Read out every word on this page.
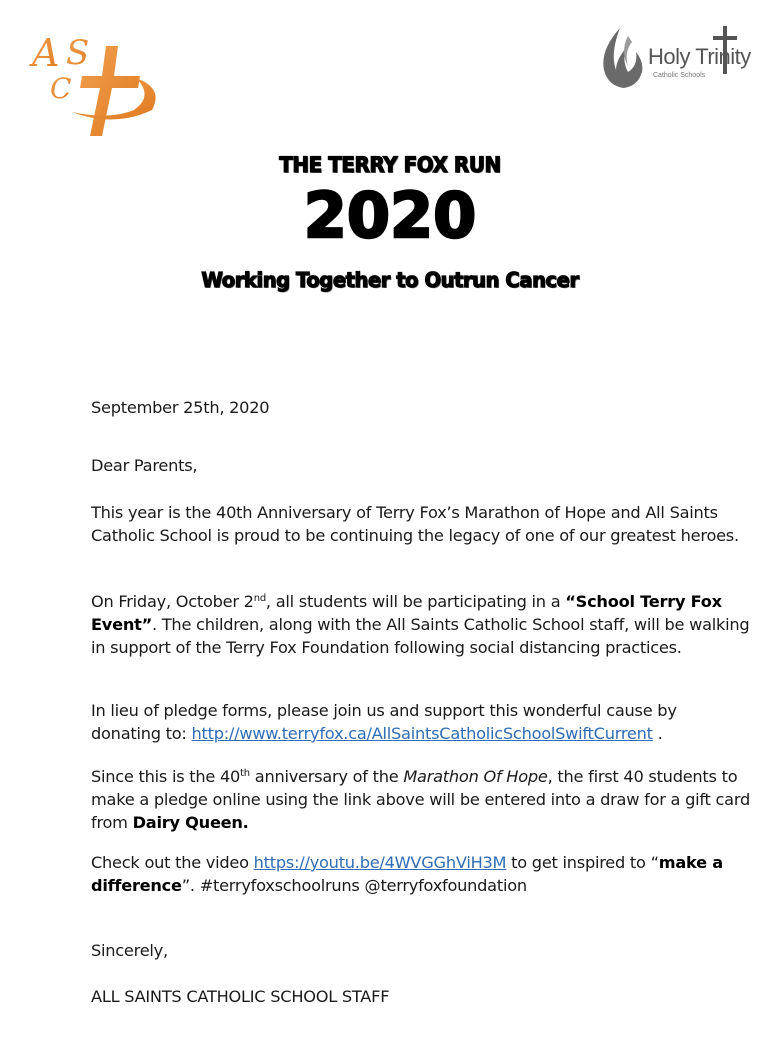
A S
C
Holy Trinity
Catholic Schools
THE TERRY FOX RUN
2020
Working Together to Outrun Cancer

September 25th, 2020

Dear Parents,

This year is the 40th Anniversary of Terry Fox’s Marathon of Hope and All Saints Catholic School is proud to be continuing the legacy of one of our greatest heroes.

On Friday, October 2nd, all students will be participating in a “School Terry Fox Event”. The children, along with the All Saints Catholic School staff, will be walking in support of the Terry Fox Foundation following social distancing practices.

In lieu of pledge forms, please join us and support this wonderful cause by donating to: http://www.terryfox.ca/AllSaintsCatholicSchoolSwiftCurrent .

Since this is the 40th anniversary of the Marathon Of Hope, the first 40 students to make a pledge online using the link above will be entered into a draw for a gift card from Dairy Queen.

Check out the video https://youtu.be/4WVGGhViH3M to get inspired to “make a difference”. #terryfoxschoolruns @terryfoxfoundation

Sincerely,

ALL SAINTS CATHOLIC SCHOOL STAFF
